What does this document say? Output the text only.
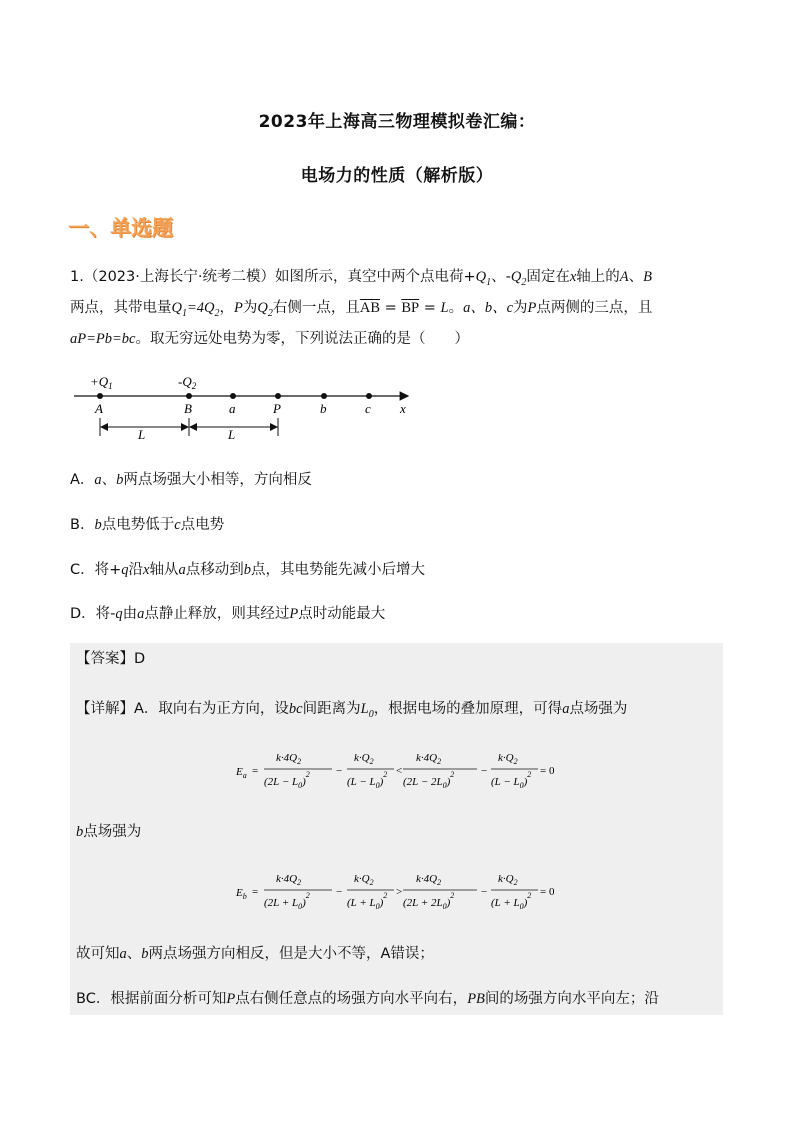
2023年上海高三物理模拟卷汇编：
电场力的性质（解析版）
一、单选题
1.（2023·上海长宁·统考二模）如图所示，真空中两个点电荷$+Q_1$、$-Q_2$固定在x轴上的A、B
两点，其带电量$Q_1=4Q_2$，P为$Q_2$右侧一点，且$\overline{AB} = \overline{BP} = L$。a、b、c为P点两侧的三点，且
aP=Pb=bc。取无穷远处电势为零，下列说法正确的是（　　）
x
$+Q_1$	$-Q_2$
A	B	a	P	b	c
L	L
A．a、b两点场强大小相等，方向相反
B．b点电势低于c点电势
C．将+q沿x轴从a点移动到b点，其电势能先减小后增大
D．将-q由a点静止释放，则其经过P点时动能最大
【答案】D
【详解】A．取向右为正方向，设bc间距离为$L_0$，根据电场的叠加原理，可得a点场强为
$E_a$ =
$k\cdot 4Q_2$
$(2L - L_0)^2$ −
$k\cdot Q_2$
$(L - L_0)^2$ <
$k\cdot 4Q_2$
$(2L - 2L_0)^2$ −
$k\cdot Q_2$
$(L - L_0)^2 = 0$
b点场强为
$E_b$ =
$k\cdot 4Q_2$
$(2L + L_0)^2$ −
$k\cdot Q_2$
$(L + L_0)^2$ >
$k\cdot 4Q_2$
$(2L + 2L_0)^2$ −
$k\cdot Q_2$
$(L + L_0)^2 = 0$
故可知a、b两点场强方向相反，但是大小不等，A错误；
BC．根据前面分析可知P点右侧任意点的场强方向水平向右，PB间的场强方向水平向左；沿
